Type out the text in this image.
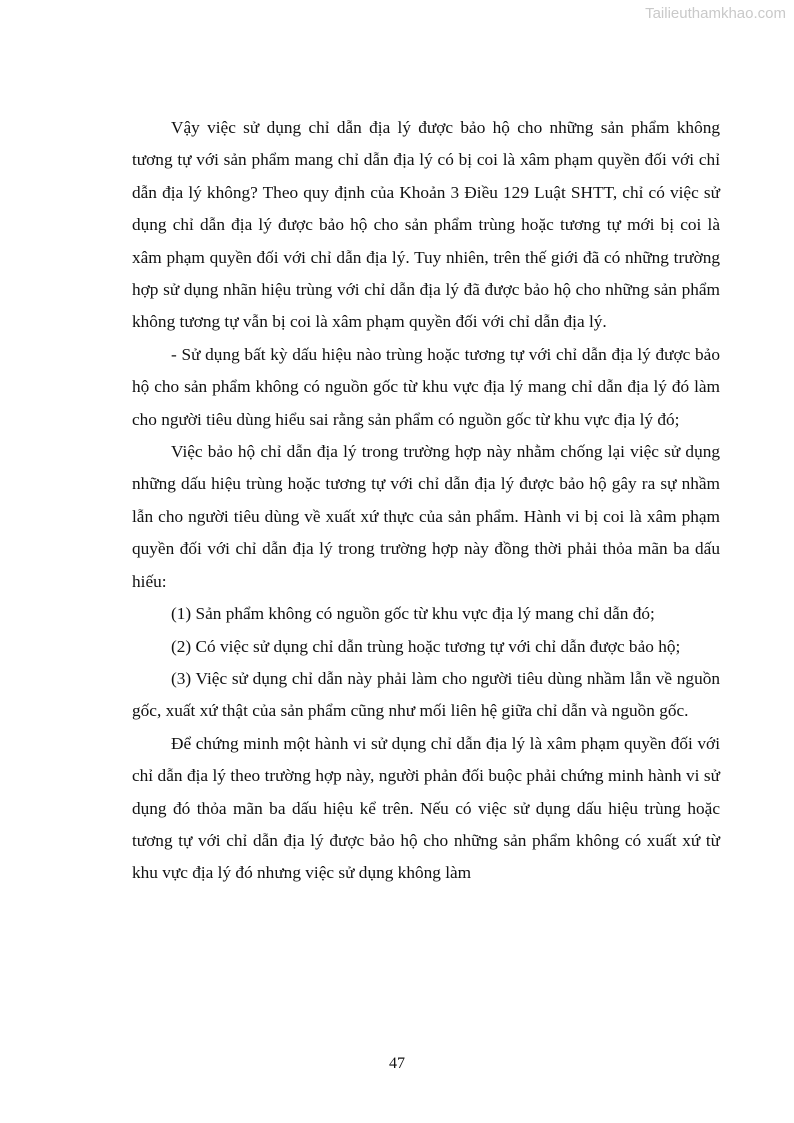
Tailieuthamkhao.com

Vậy việc sử dụng chỉ dẫn địa lý được bảo hộ cho những sản phẩm không tương tự với sản phẩm mang chỉ dẫn địa lý có bị coi là xâm phạm quyền đối với chỉ dẫn địa lý không? Theo quy định của Khoản 3 Điều 129 Luật SHTT, chỉ có việc sử dụng chỉ dẫn địa lý được bảo hộ cho sản phẩm trùng hoặc tương tự mới bị coi là xâm phạm quyền đối với chỉ dẫn địa lý. Tuy nhiên, trên thế giới đã có những trường hợp sử dụng nhãn hiệu trùng với chỉ dẫn địa lý đã được bảo hộ cho những sản phẩm không tương tự vẫn bị coi là xâm phạm quyền đối với chỉ dẫn địa lý.

- Sử dụng bất kỳ dấu hiệu nào trùng hoặc tương tự với chỉ dẫn địa lý được bảo hộ cho sản phẩm không có nguồn gốc từ khu vực địa lý mang chỉ dẫn địa lý đó làm cho người tiêu dùng hiểu sai rằng sản phẩm có nguồn gốc từ khu vực địa lý đó;

Việc bảo hộ chỉ dẫn địa lý trong trường hợp này nhằm chống lại việc sử dụng những dấu hiệu trùng hoặc tương tự với chỉ dẫn địa lý được bảo hộ gây ra sự nhầm lẫn cho người tiêu dùng về xuất xứ thực của sản phẩm. Hành vi bị coi là xâm phạm quyền đối với chỉ dẫn địa lý trong trường hợp này đồng thời phải thỏa mãn ba dấu hiếu:

(1) Sản phẩm không có nguồn gốc từ khu vực địa lý mang chỉ dẫn đó;

(2) Có việc sử dụng chỉ dẫn trùng hoặc tương tự với chỉ dẫn được bảo hộ;

(3) Việc sử dụng chỉ dẫn này phải làm cho người tiêu dùng nhầm lẫn về nguồn gốc, xuất xứ thật của sản phẩm cũng như mối liên hệ giữa chỉ dẫn và nguồn gốc.

Để chứng minh một hành vi sử dụng chỉ dẫn địa lý là xâm phạm quyền đối với chỉ dẫn địa lý theo trường hợp này, người phản đối buộc phải chứng minh hành vi sử dụng đó thỏa mãn ba dấu hiệu kể trên. Nếu có việc sử dụng dấu hiệu trùng hoặc tương tự với chỉ dẫn địa lý được bảo hộ cho những sản phẩm không có xuất xứ từ khu vực địa lý đó nhưng việc sử dụng không làm

47
